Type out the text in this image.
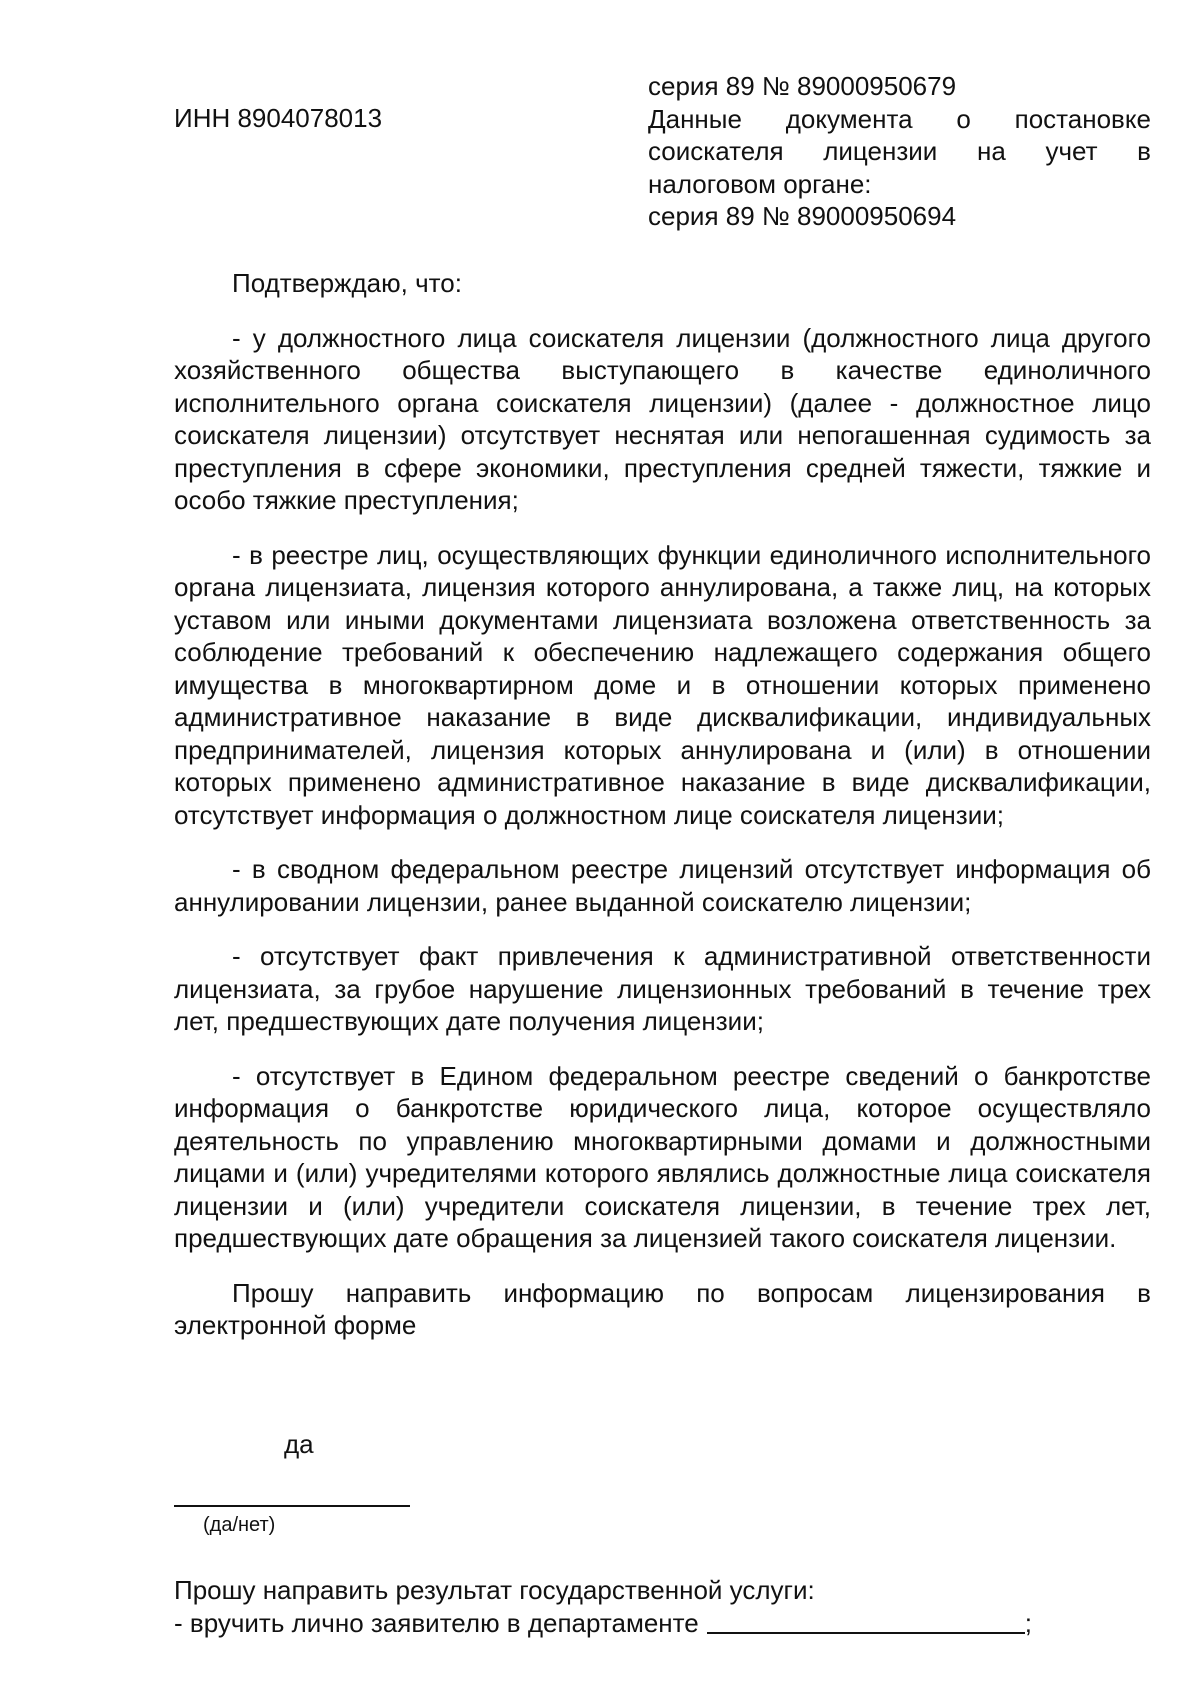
ИНН 8904078013

серия 89 № 89000950679

Данные документа о постановке соискателя лицензии на учет в налоговом органе:

серия 89 № 89000950694

Подтверждаю, что:

- у должностного лица соискателя лицензии (должностного лица другого хозяйственного общества выступающего в качестве единоличного исполнительного органа соискателя лицензии) (далее - должностное лицо соискателя лицензии) отсутствует неснятая или непогашенная судимость за преступления в сфере экономики, преступления средней тяжести, тяжкие и особо тяжкие преступления;

- в реестре лиц, осуществляющих функции единоличного исполнительного органа лицензиата, лицензия которого аннулирована, а также лиц, на которых уставом или иными документами лицензиата возложена ответственность за соблюдение требований к обеспечению надлежащего содержания общего имущества в многоквартирном доме и в отношении которых применено административное наказание в виде дисквалификации, индивидуальных предпринимателей, лицензия которых аннулирована и (или) в отношении которых применено административное наказание в виде дисквалификации, отсутствует информация о должностном лице соискателя лицензии;

- в сводном федеральном реестре лицензий отсутствует информация об аннулировании лицензии, ранее выданной соискателю лицензии;

- отсутствует факт привлечения к административной ответственности лицензиата, за грубое нарушение лицензионных требований в течение трех лет, предшествующих дате получения лицензии;

- отсутствует в Едином федеральном реестре сведений о банкротстве информация о банкротстве юридического лица, которое осуществляло деятельность по управлению многоквартирными домами и должностными лицами и (или) учредителями которого являлись должностные лица соискателя лицензии и (или) учредители соискателя лицензии, в течение трех лет, предшествующих дате обращения за лицензией такого соискателя лицензии.

Прошу направить информацию по вопросам лицензирования в электронной форме

да

(да/нет)

Прошу направить результат государственной услуги:

- вручить лично заявителю в департаменте	;
